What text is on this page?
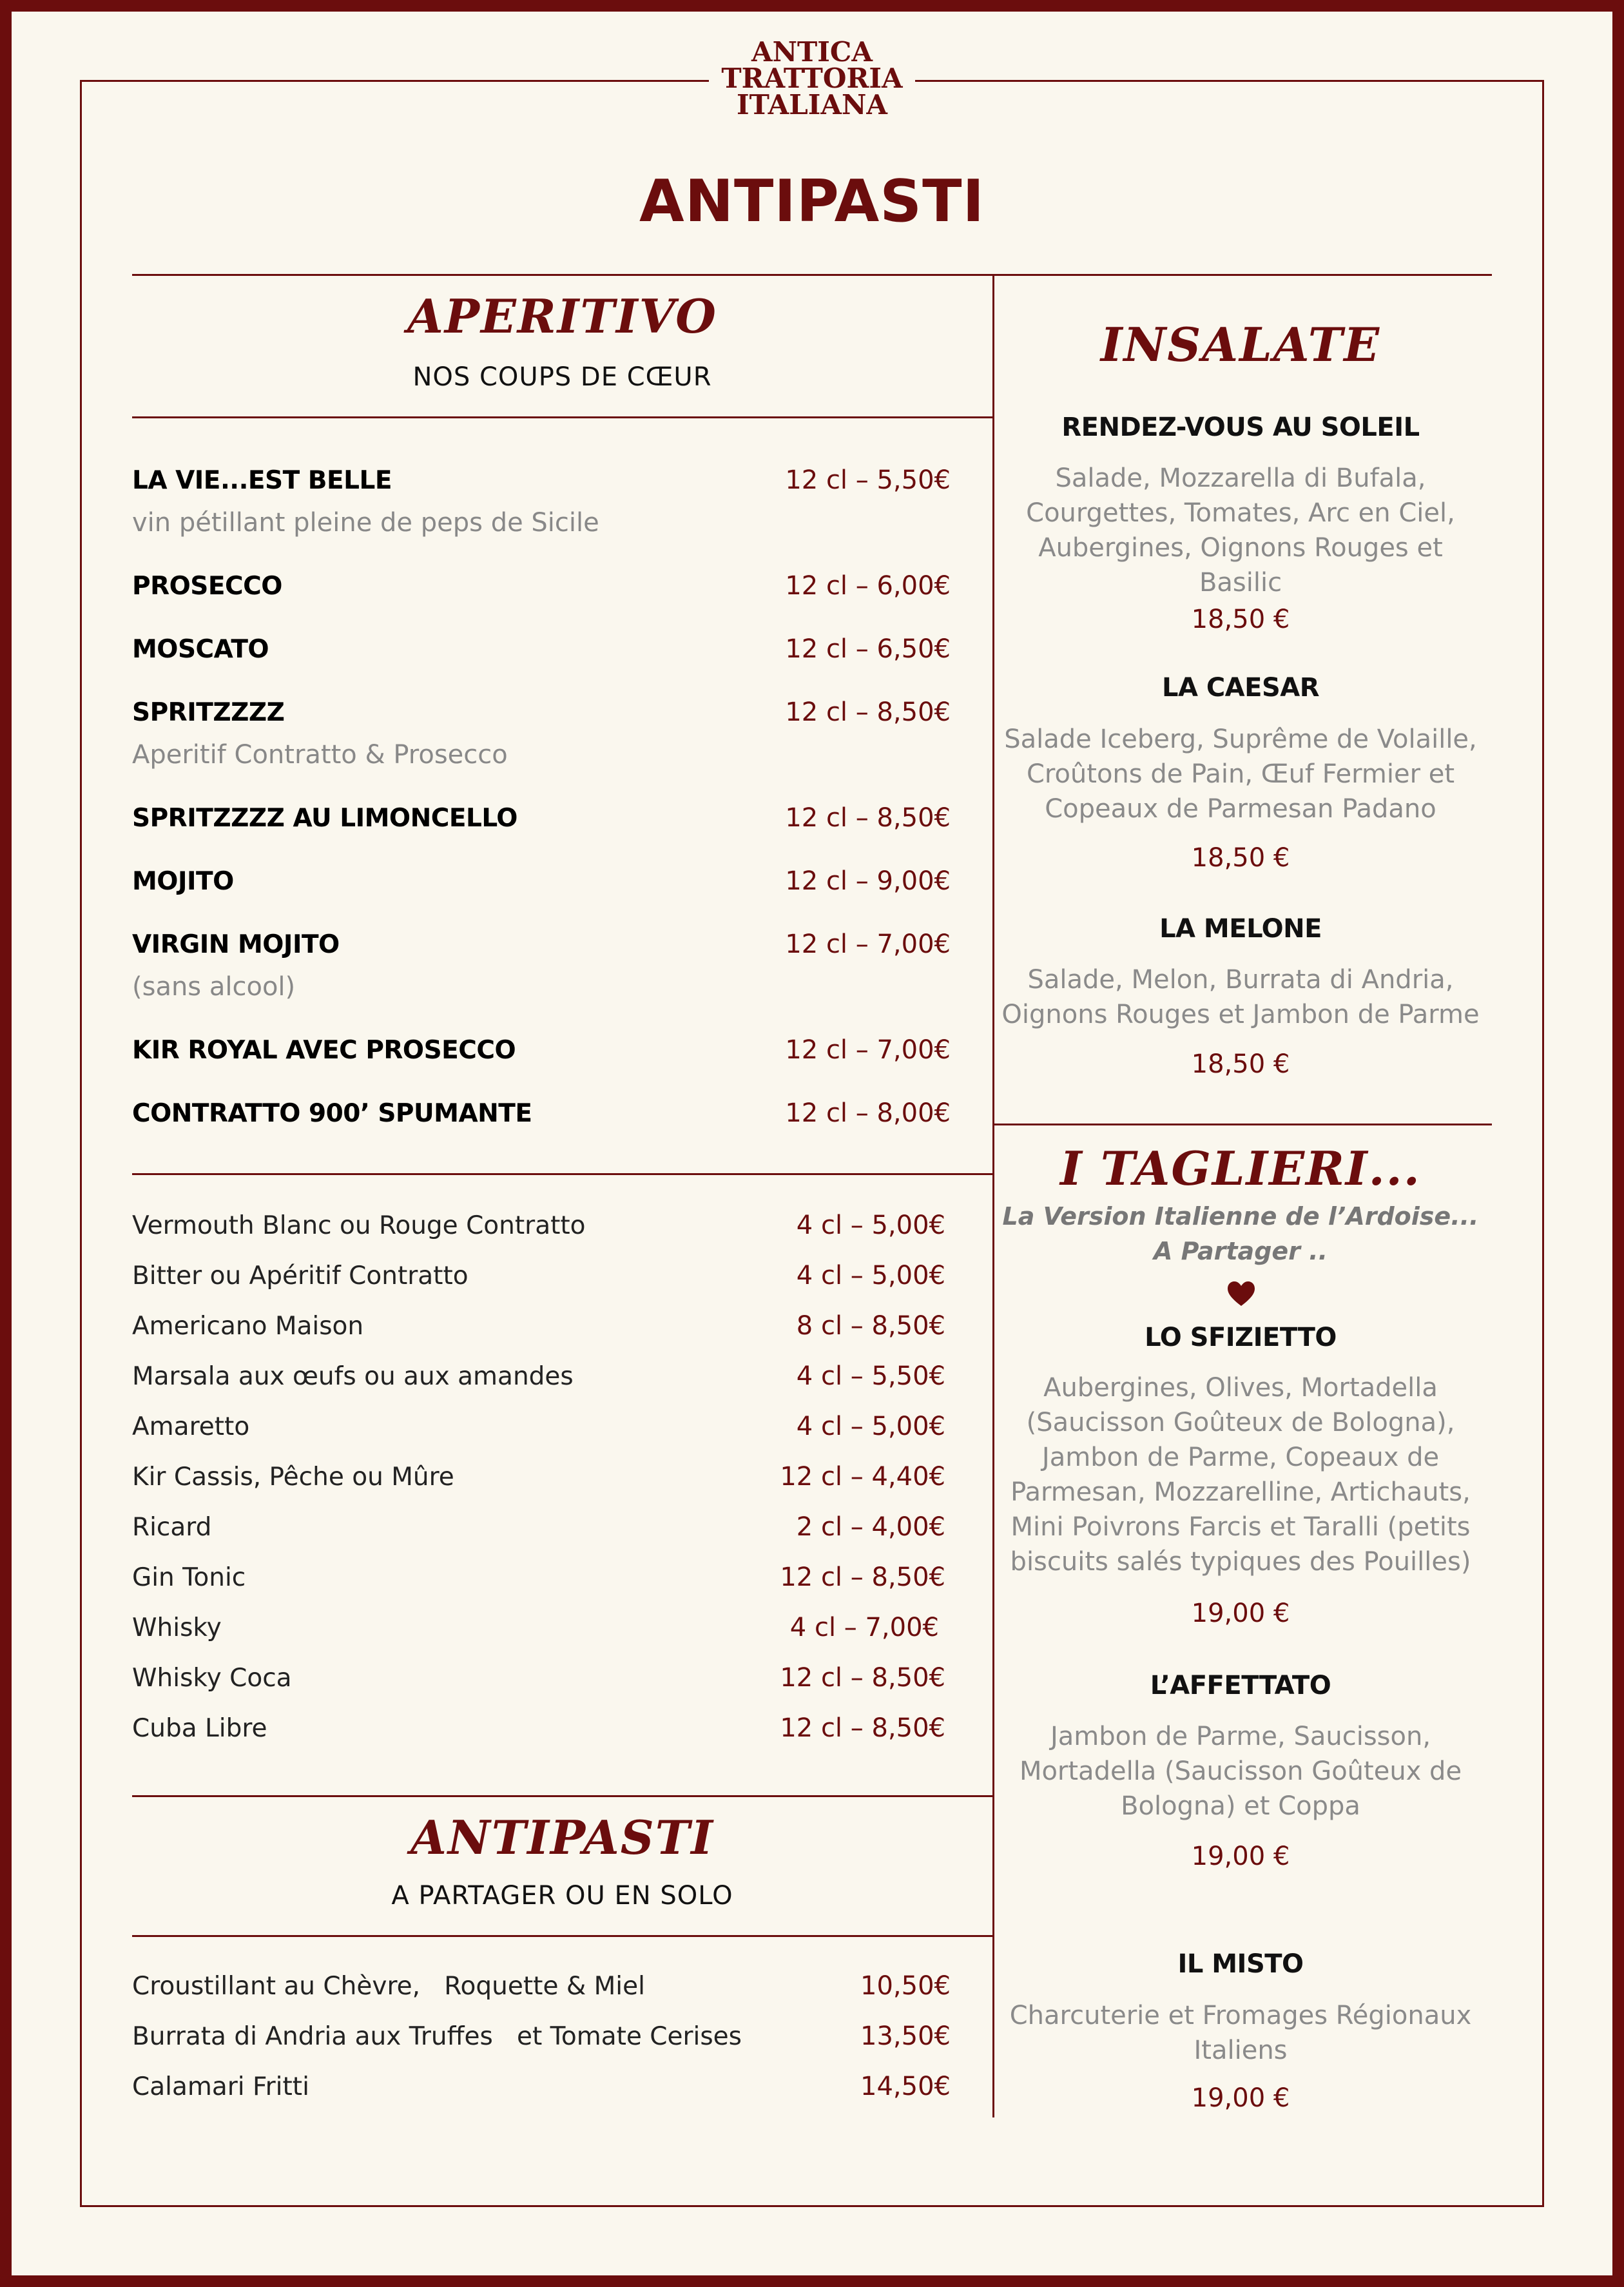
ANTICA
TRATTORIA
ITALIANA
ANTIPASTI
APERITIVO
NOS COUPS DE CŒUR
LA VIE...EST BELLE	12 cl – 5,50€
vin pétillant pleine de peps de Sicile
PROSECCO	12 cl – 6,00€
MOSCATO	12 cl – 6,50€
SPRITZZZZ	12 cl – 8,50€
Aperitif Contratto & Prosecco
SPRITZZZZ AU LIMONCELLO	12 cl – 8,50€
MOJITO	12 cl – 9,00€
VIRGIN MOJITO	12 cl – 7,00€
(sans alcool)
KIR ROYAL AVEC PROSECCO	12 cl – 7,00€
CONTRATTO 900’ SPUMANTE	12 cl – 8,00€
Vermouth Blanc ou Rouge Contratto	4 cl – 5,00€
Bitter ou Apéritif Contratto	4 cl – 5,00€
Americano Maison	8 cl – 8,50€
Marsala aux œufs ou aux amandes	4 cl – 5,50€
Amaretto	4 cl – 5,00€
Kir Cassis, Pêche ou Mûre	12 cl – 4,40€
Ricard	2 cl – 4,00€
Gin Tonic	12 cl – 8,50€
Whisky	4 cl – 7,00€
Whisky Coca	12 cl – 8,50€
Cuba Libre	12 cl – 8,50€
ANTIPASTI
A PARTAGER OU EN SOLO
Croustillant au Chèvre,   Roquette & Miel	10,50€
Burrata di Andria aux Truffes   et Tomate Cerises	13,50€
Calamari Fritti	14,50€
INSALATE
RENDEZ-VOUS AU SOLEIL
Salade, Mozzarella di Bufala,
Courgettes, Tomates, Arc en Ciel,
Aubergines, Oignons Rouges et
Basilic
18,50 €
LA CAESAR
Salade Iceberg, Suprême de Volaille,
Croûtons de Pain, Œuf Fermier et
Copeaux de Parmesan Padano
18,50 €
LA MELONE
Salade, Melon, Burrata di Andria,
Oignons Rouges et Jambon de Parme
18,50 €
I TAGLIERI...
La Version Italienne de l’Ardoise...
A Partager ..
LO SFIZIETTO
Aubergines, Olives, Mortadella
(Saucisson Goûteux de Bologna),
Jambon de Parme, Copeaux de
Parmesan, Mozzarelline, Artichauts,
Mini Poivrons Farcis et Taralli (petits
biscuits salés typiques des Pouilles)
19,00 €
L’AFFETTATO
Jambon de Parme, Saucisson,
Mortadella (Saucisson Goûteux de
Bologna) et Coppa
19,00 €
IL MISTO
Charcuterie et Fromages Régionaux
Italiens
19,00 €
